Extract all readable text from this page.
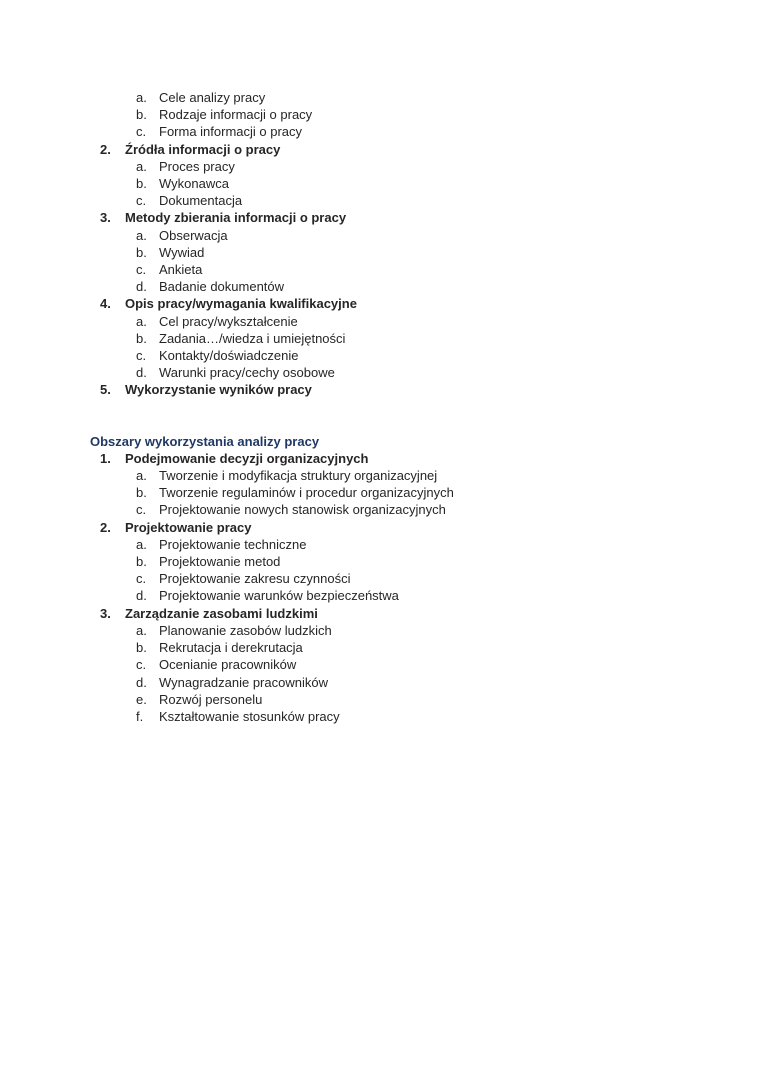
a. Cele analizy pracy
b. Rodzaje informacji o pracy
c. Forma informacji o pracy
2. Źródła informacji o pracy
a. Proces pracy
b. Wykonawca
c. Dokumentacja
3. Metody zbierania informacji o pracy
a. Obserwacja
b. Wywiad
c. Ankieta
d. Badanie dokumentów
4. Opis pracy/wymagania kwalifikacyjne
a. Cel pracy/wykształcenie
b. Zadania…/wiedza i umiejętności
c. Kontakty/doświadczenie
d. Warunki pracy/cechy osobowe
5. Wykorzystanie wyników pracy
Obszary wykorzystania analizy pracy
1. Podejmowanie decyzji organizacyjnych
a. Tworzenie i modyfikacja struktury organizacyjnej
b. Tworzenie regulaminów i procedur organizacyjnych
c. Projektowanie nowych stanowisk organizacyjnych
2. Projektowanie pracy
a. Projektowanie techniczne
b. Projektowanie metod
c. Projektowanie zakresu czynności
d. Projektowanie warunków bezpieczeństwa
3. Zarządzanie zasobami ludzkimi
a. Planowanie zasobów ludzkich
b. Rekrutacja i derekrutacja
c. Ocenianie pracowników
d. Wynagradzanie pracowników
e. Rozwój personelu
f. Kształtowanie stosunków pracy
